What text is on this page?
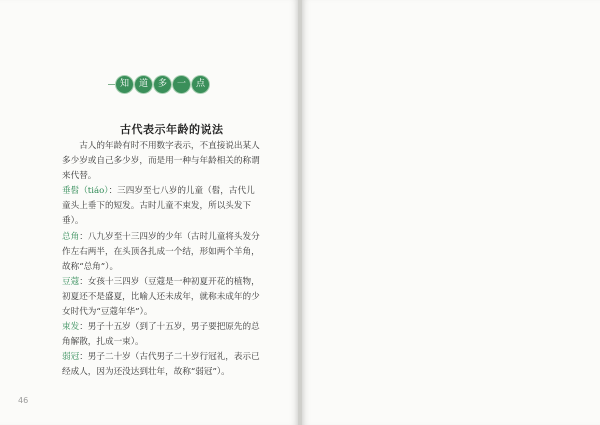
知	道	多	一	点
古代表示年龄的说法

古人的年龄有时不用数字表示，不直接说出某人多少岁或自己多少岁，而是用一种与年龄相关的称谓来代替。

垂髫（tiáo）：三四岁至七八岁的儿童（髫，古代儿童头上垂下的短发。古时儿童不束发，所以头发下垂）。

总角：八九岁至十三四岁的少年（古时儿童将头发分作左右两半，在头顶各扎成一个结，形如两个羊角，故称“总角”）。

豆蔻：女孩十三四岁（豆蔻是一种初夏开花的植物，初夏还不是盛夏，比喻人还未成年，就称未成年的少女时代为“豆蔻年华”）。

束发：男子十五岁（到了十五岁，男子要把原先的总角解散，扎成一束）。

弱冠：男子二十岁（古代男子二十岁行冠礼，表示已经成人，因为还没达到壮年，故称“弱冠”）。

46
